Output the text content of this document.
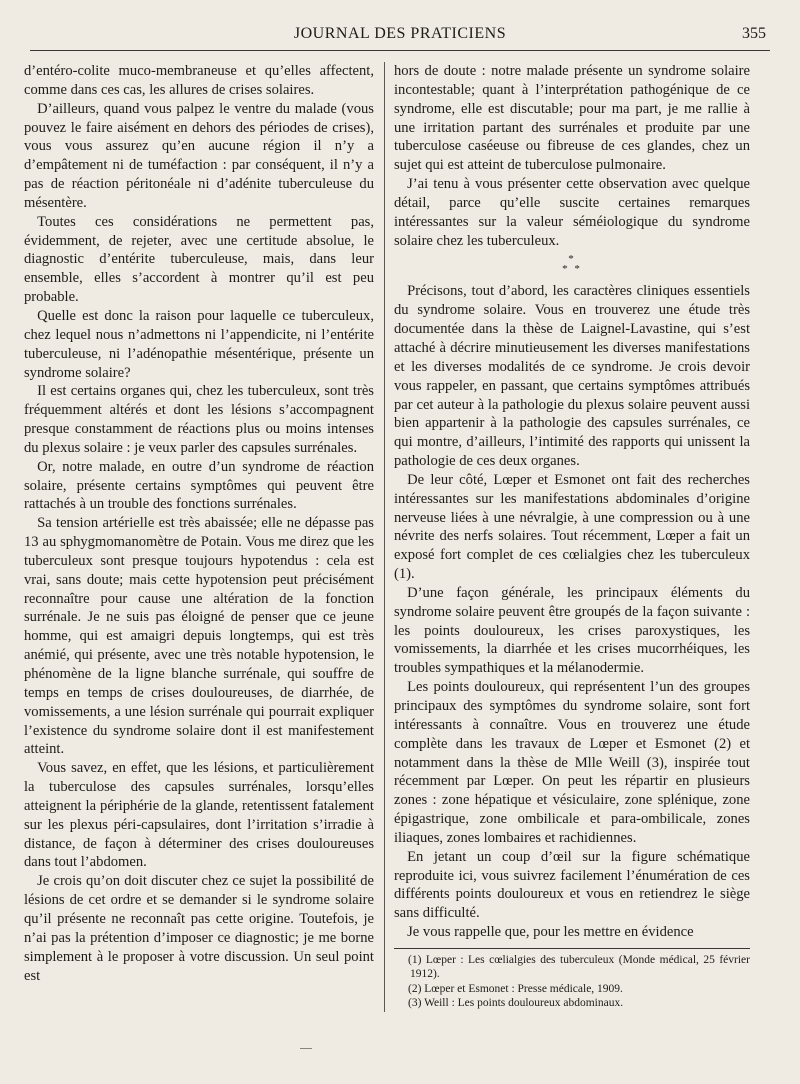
JOURNAL DES PRATICIENS	355

d’entéro-colite muco-membraneuse et qu’elles affectent, comme dans ces cas, les allures de crises solaires.

D’ailleurs, quand vous palpez le ventre du malade (vous pouvez le faire aisément en dehors des périodes de crises), vous vous assurez qu’en aucune région il n’y a d’empâtement ni de tuméfaction : par conséquent, il n’y a pas de réaction péritonéale ni d’adénite tuberculeuse du mésentère.

Toutes ces considérations ne permettent pas, évidemment, de rejeter, avec une certitude absolue, le diagnostic d’entérite tuberculeuse, mais, dans leur ensemble, elles s’accordent à montrer qu’il est peu probable.

Quelle est donc la raison pour laquelle ce tuberculeux, chez lequel nous n’admettons ni l’appendicite, ni l’entérite tuberculeuse, ni l’adénopathie mésentérique, présente un syndrome solaire?

Il est certains organes qui, chez les tuberculeux, sont très fréquemment altérés et dont les lésions s’accompagnent presque constamment de réactions plus ou moins intenses du plexus solaire : je veux parler des capsules surrénales.

Or, notre malade, en outre d’un syndrome de réaction solaire, présente certains symptômes qui peuvent être rattachés à un trouble des fonctions surrénales.

Sa tension artérielle est très abaissée; elle ne dépasse pas 13 au sphygmomanomètre de Potain. Vous me direz que les tuberculeux sont presque toujours hypotendus : cela est vrai, sans doute; mais cette hypotension peut précisément reconnaître pour cause une altération de la fonction surrénale. Je ne suis pas éloigné de penser que ce jeune homme, qui est amaigri depuis longtemps, qui est très anémié, qui présente, avec une très notable hypotension, le phénomène de la ligne blanche surrénale, qui souffre de temps en temps de crises douloureuses, de diarrhée, de vomissements, a une lésion surrénale qui pourrait expliquer l’existence du syndrome solaire dont il est manifestement atteint.

Vous savez, en effet, que les lésions, et particulièrement la tuberculose des capsules surrénales, lorsqu’elles atteignent la périphérie de la glande, retentissent fatalement sur les plexus péri-capsulaires, dont l’irritation s’irradie à distance, de façon à déterminer des crises douloureuses dans tout l’abdomen.

Je crois qu’on doit discuter chez ce sujet la possibilité de lésions de cet ordre et se demander si le syndrome solaire qu’il présente ne reconnaît pas cette origine. Toutefois, je n’ai pas la prétention d’imposer ce diagnostic; je me borne simplement à le proposer à votre discussion. Un seul point est

hors de doute : notre malade présente un syndrome solaire incontestable; quant à l’interprétation pathogénique de ce syndrome, elle est discutable; pour ma part, je me rallie à une irritation partant des surrénales et produite par une tuberculose caséeuse ou fibreuse de ces glandes, chez un sujet qui est atteint de tuberculose pulmonaire.

J’ai tenu à vous présenter cette observation avec quelque détail, parce qu’elle suscite certaines remarques intéressantes sur la valeur séméiologique du syndrome solaire chez les tuberculeux.

*
* *

Précisons, tout d’abord, les caractères cliniques essentiels du syndrome solaire. Vous en trouverez une étude très documentée dans la thèse de Laignel-Lavastine, qui s’est attaché à décrire minutieusement les diverses manifestations et les diverses modalités de ce syndrome. Je crois devoir vous rappeler, en passant, que certains symptômes attribués par cet auteur à la pathologie du plexus solaire peuvent aussi bien appartenir à la pathologie des capsules surrénales, ce qui montre, d’ailleurs, l’intimité des rapports qui unissent la pathologie de ces deux organes.

De leur côté, Lœper et Esmonet ont fait des recherches intéressantes sur les manifestations abdominales d’origine nerveuse liées à une névralgie, à une compression ou à une névrite des nerfs solaires. Tout récemment, Lœper a fait un exposé fort complet de ces cœlialgies chez les tuberculeux (1).

D’une façon générale, les principaux éléments du syndrome solaire peuvent être groupés de la façon suivante : les points douloureux, les crises paroxystiques, les vomissements, la diarrhée et les crises mucorrhéiques, les troubles sympathiques et la mélanodermie.

Les points douloureux, qui représentent l’un des groupes principaux des symptômes du syndrome solaire, sont fort intéressants à connaître. Vous en trouverez une étude complète dans les travaux de Lœper et Esmonet (2) et notamment dans la thèse de Mlle Weill (3), inspirée tout récemment par Lœper. On peut les répartir en plusieurs zones : zone hépatique et vésiculaire, zone splénique, zone épigastrique, zone ombilicale et para-ombilicale, zones iliaques, zones lombaires et rachidiennes.

En jetant un coup d’œil sur la figure schématique reproduite ici, vous suivrez facilement l’énumération de ces différents points douloureux et vous en retiendrez le siège sans difficulté.

Je vous rappelle que, pour les mettre en évidence

(1) Lœper : Les cœlialgies des tuberculeux (Monde médical, 25 février 1912).
(2) Lœper et Esmonet : Presse médicale, 1909.
(3) Weill : Les points douloureux abdominaux.
